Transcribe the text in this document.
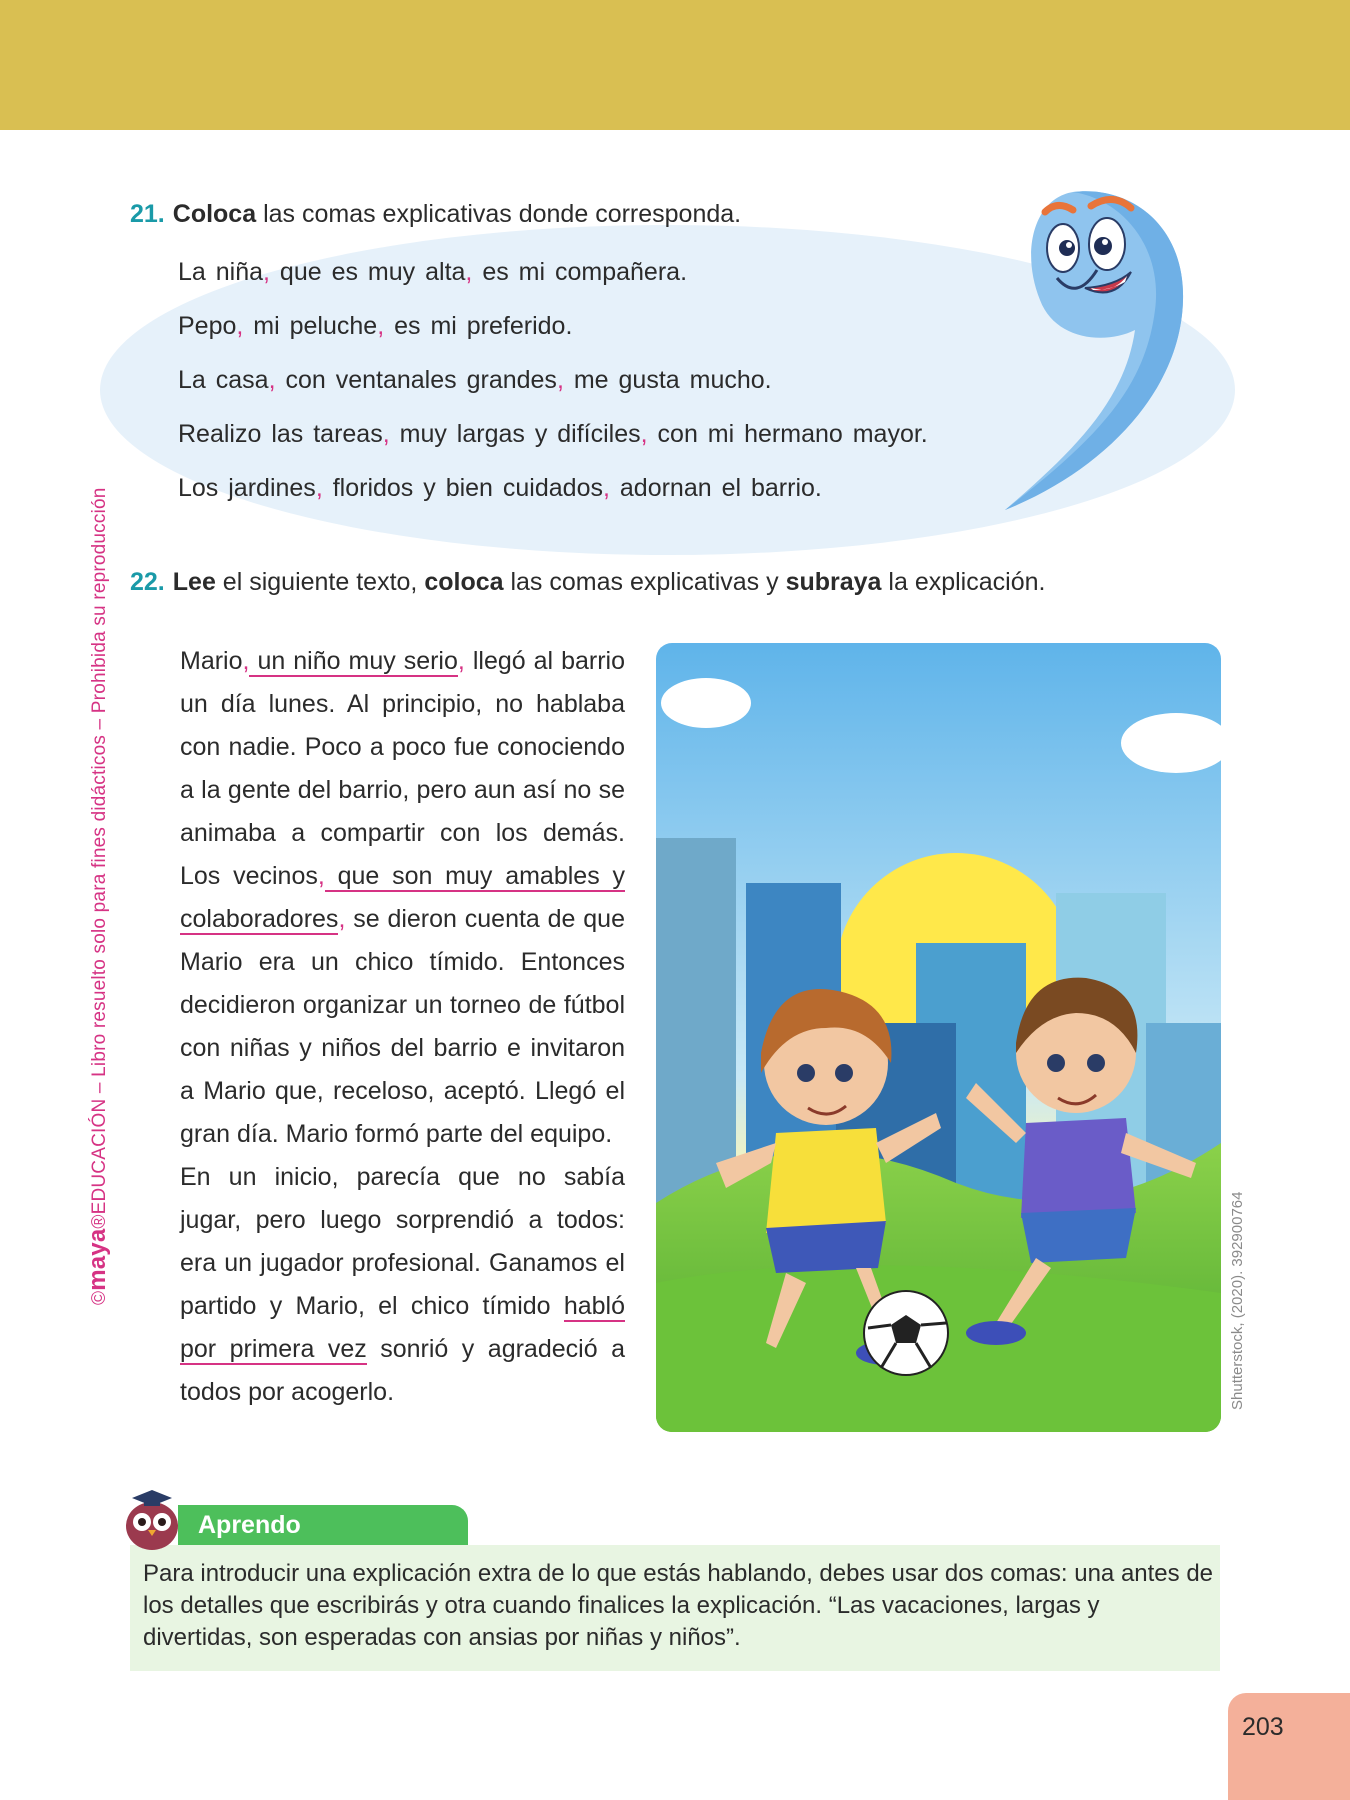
©maya®EDUCACIÓN – Libro resuelto solo para fines didácticos – Prohibida su reproducción
21. Coloca las comas explicativas donde corresponda.
La niña, que es muy alta, es mi compañera.
Pepo, mi peluche, es mi preferido.
La casa, con ventanales grandes, me gusta mucho.
Realizo las tareas, muy largas y difíciles, con mi hermano mayor.
Los jardines, floridos y bien cuidados, adornan el barrio.
22. Lee el siguiente texto, coloca las comas explicativas y subraya la explicación.

Mario, un niño muy serio, llegó al barrio un día lunes. Al principio, no hablaba con nadie. Poco a poco fue conociendo a la gente del barrio, pero aun así no se animaba a compartir con los demás. Los vecinos, que son muy amables y colaboradores, se dieron cuenta de que Mario era un chico tímido. Entonces decidieron organizar un torneo de fútbol con niñas y niños del barrio e invitaron a Mario que, receloso, aceptó. Llegó el gran día. Mario formó parte del equipo.

En un inicio, parecía que no sabía jugar, pero luego sorprendió a todos: era un jugador profesional. Ganamos el partido y Mario, el chico tímido habló por primera vez sonrió y agradeció a todos por acogerlo.	Shutterstock, (2020). 392900764
Aprendo
Para introducir una explicación extra de lo que estás hablando, debes usar dos comas: una antes de los detalles que escribirás y otra cuando finalices la explicación. “Las vacaciones, largas y divertidas, son esperadas con ansias por niñas y niños”.
203
